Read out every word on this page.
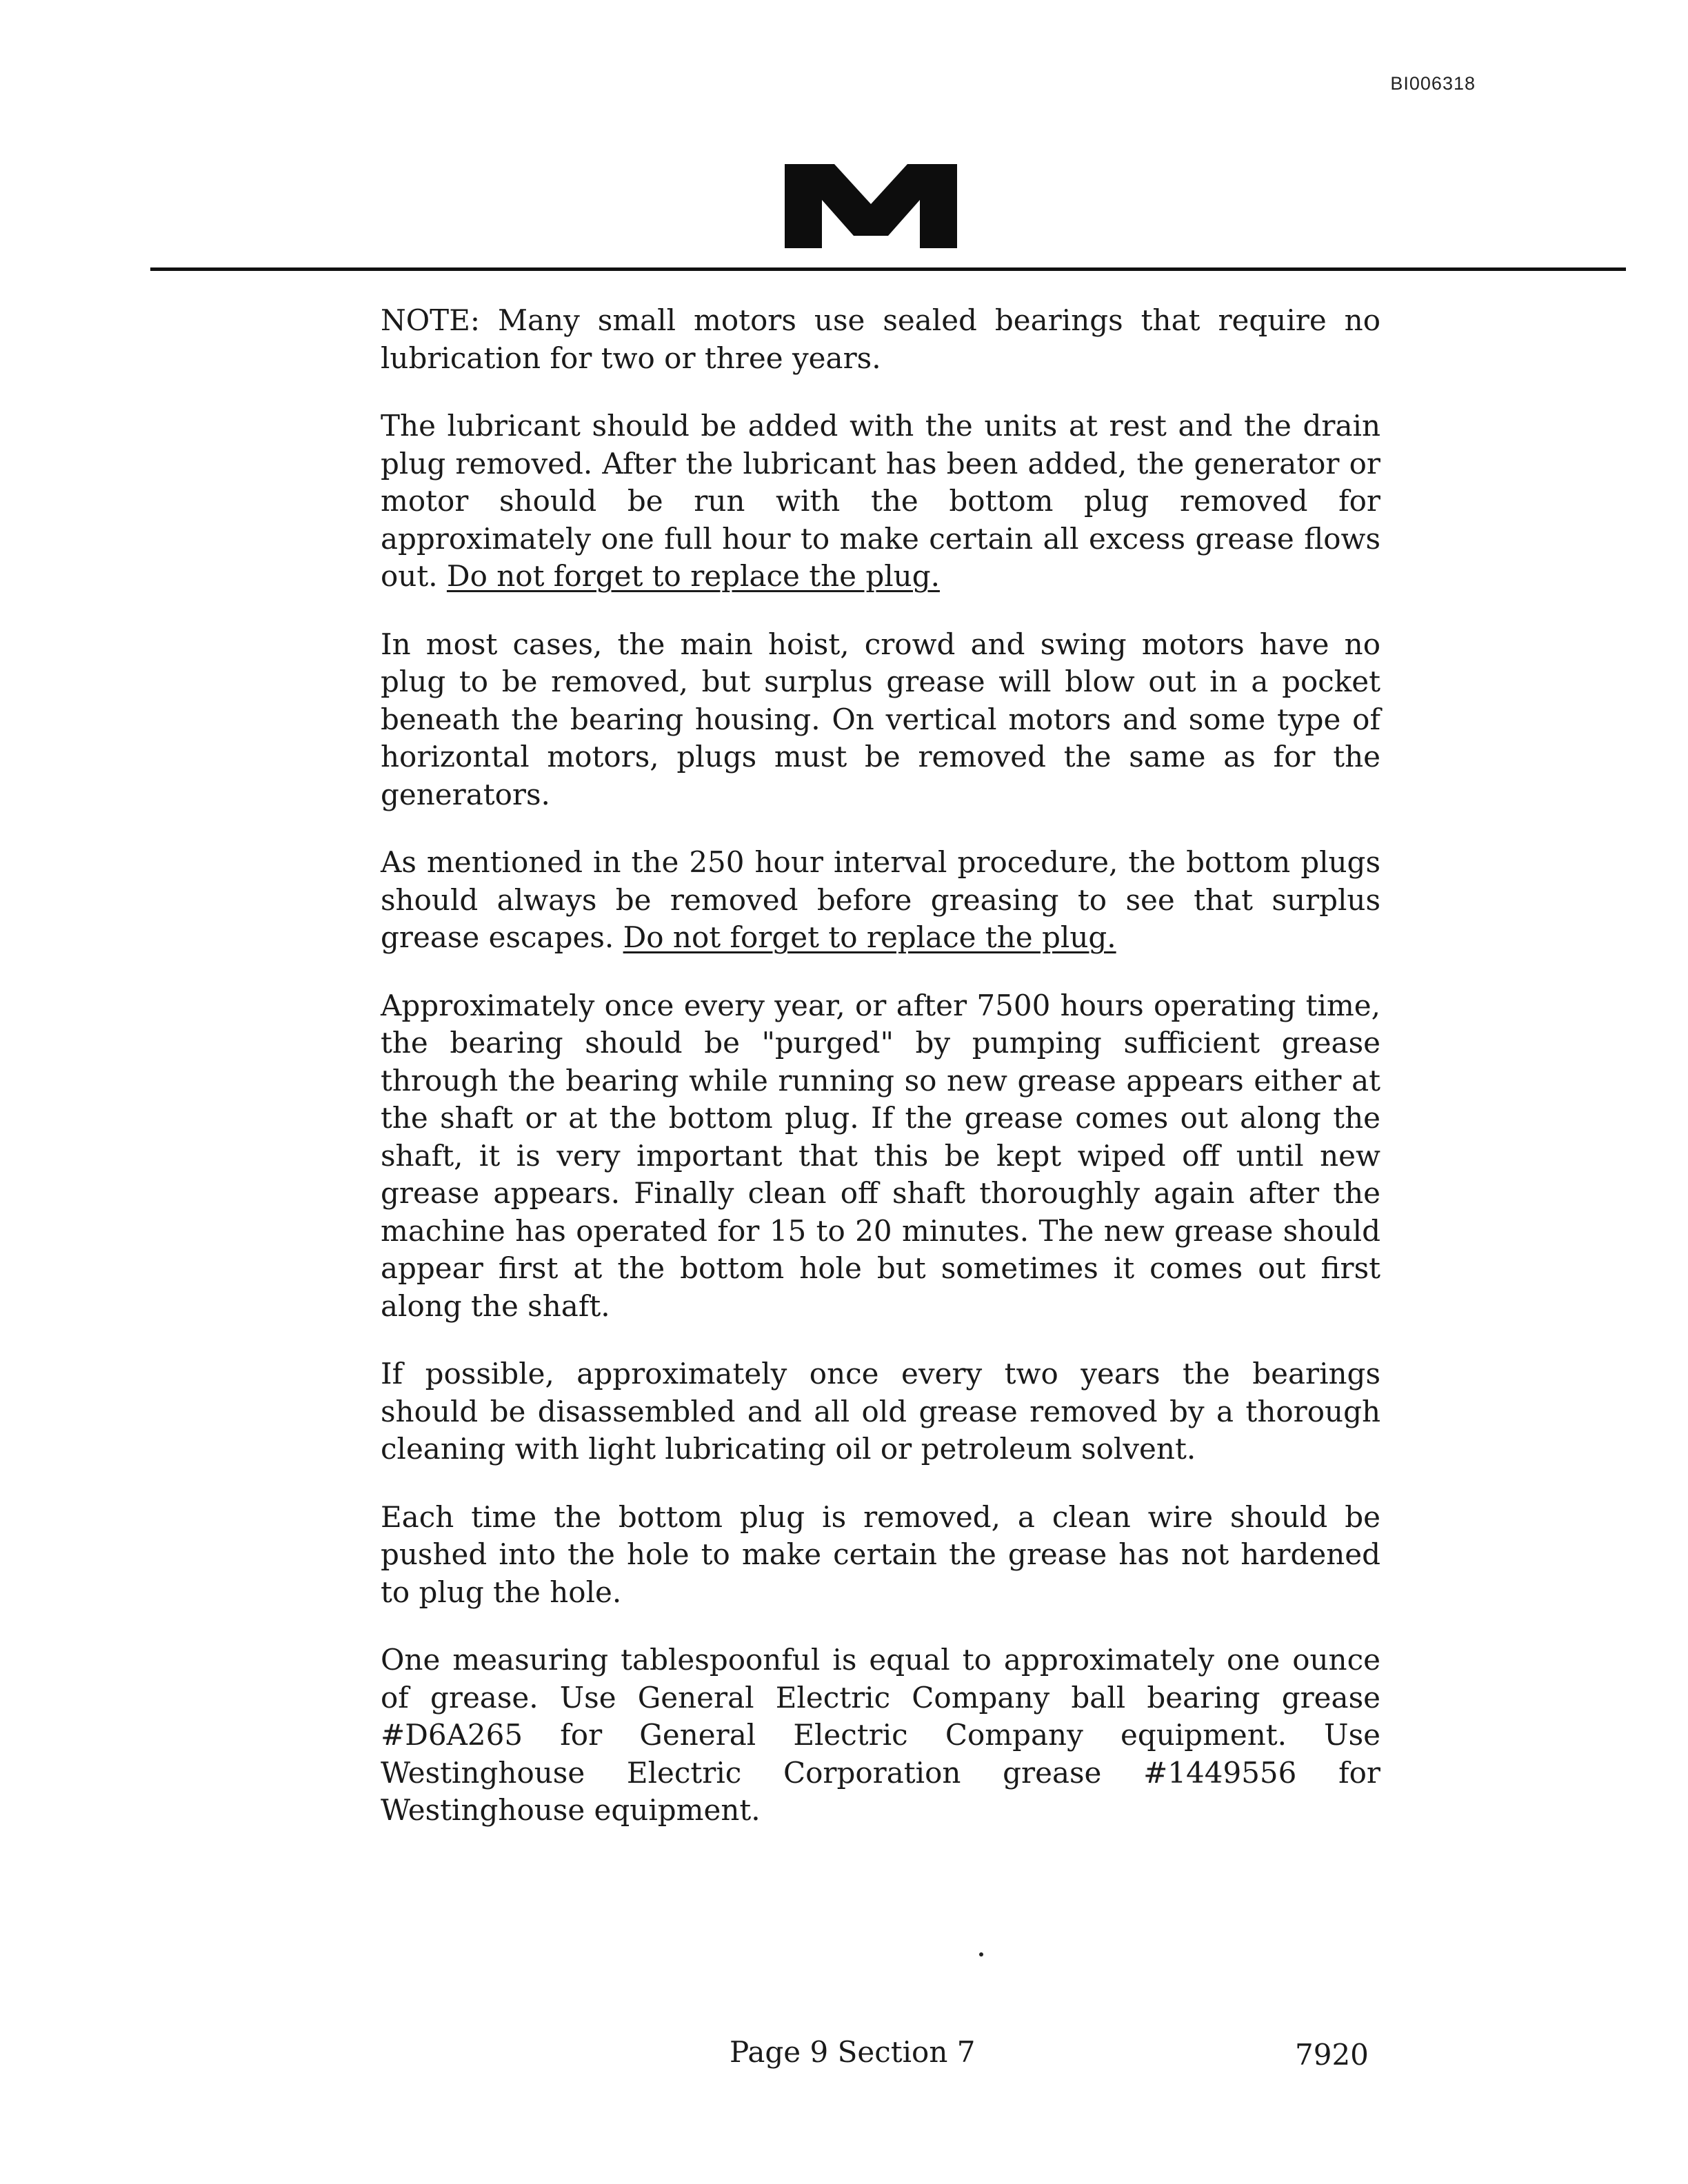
BI006318

NOTE: Many small motors use sealed bearings that require no lubrication for two or three years.

The lubricant should be added with the units at rest and the drain plug removed. After the lubricant has been added, the generator or motor should be run with the bottom plug removed for approximately one full hour to make certain all excess grease flows out. Do not forget to replace the plug.

In most cases, the main hoist, crowd and swing motors have no plug to be removed, but surplus grease will blow out in a pocket beneath the bearing housing. On vertical motors and some type of horizontal motors, plugs must be removed the same as for the generators.

As mentioned in the 250 hour interval procedure, the bottom plugs should always be removed before greasing to see that surplus grease escapes. Do not forget to replace the plug.

Approximately once every year, or after 7500 hours operating time, the bearing should be "purged" by pumping sufficient grease through the bearing while running so new grease appears either at the shaft or at the bottom plug. If the grease comes out along the shaft, it is very important that this be kept wiped off until new grease appears. Finally clean off shaft thoroughly again after the machine has operated for 15 to 20 minutes. The new grease should appear first at the bottom hole but sometimes it comes out first along the shaft.

If possible, approximately once every two years the bearings should be disassembled and all old grease removed by a thorough cleaning with light lubricating oil or petroleum solvent.

Each time the bottom plug is removed, a clean wire should be pushed into the hole to make certain the grease has not hardened to plug the hole.

One measuring tablespoonful is equal to approximately one ounce of grease. Use General Electric Company ball bearing grease #D6A265 for General Electric Company equipment. Use Westinghouse Electric Corporation grease #1449556 for Westinghouse equipment.

Page 9 Section 7	7920
